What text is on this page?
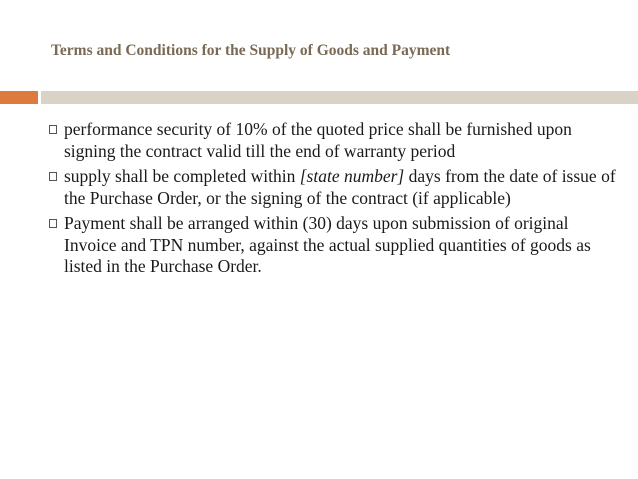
Terms and Conditions for the Supply of Goods and Payment
performance security of 10% of the quoted price shall be furnished upon signing the contract valid till the end of warranty period
supply shall be completed within [state number] days from the date of issue of the Purchase Order, or the signing of the contract (if applicable)
Payment shall be arranged within (30) days upon submission of original Invoice and TPN number, against the actual supplied quantities of goods as listed in the Purchase Order.
